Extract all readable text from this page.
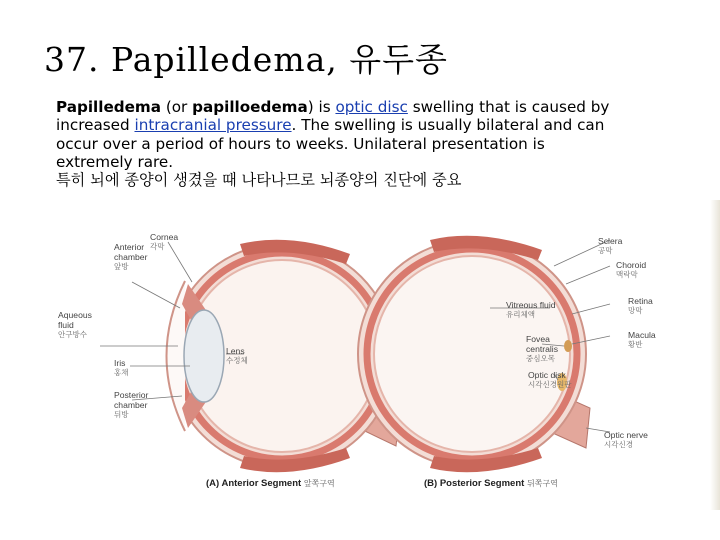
37. Papilledema, 유두종
Papilledema (or papilloedema) is optic disc swelling that is caused by
increased intracranial pressure. The swelling is usually bilateral and can
occur over a period of hours to weeks. Unilateral presentation is
extremely rare.
특히 뇌에 종양이 생겼을 때 나타나므로 뇌종양의 진단에 중요
Cornea
각막
Anterior chamber
앞방
Aqueous fluid
안구방수
Iris
홍채
Lens
수정체
Posterior chamber
뒤방
(A) Anterior Segment 앞쪽구역
Sclera
공막
Choroid
맥락막
Vitreous fluid
유리체액
Retina
망막
Fovea centralis
중심오목
Macula
황반
Optic disk
시각신경원판
Optic nerve
시각신경
(B) Posterior Segment 뒤쪽구역
